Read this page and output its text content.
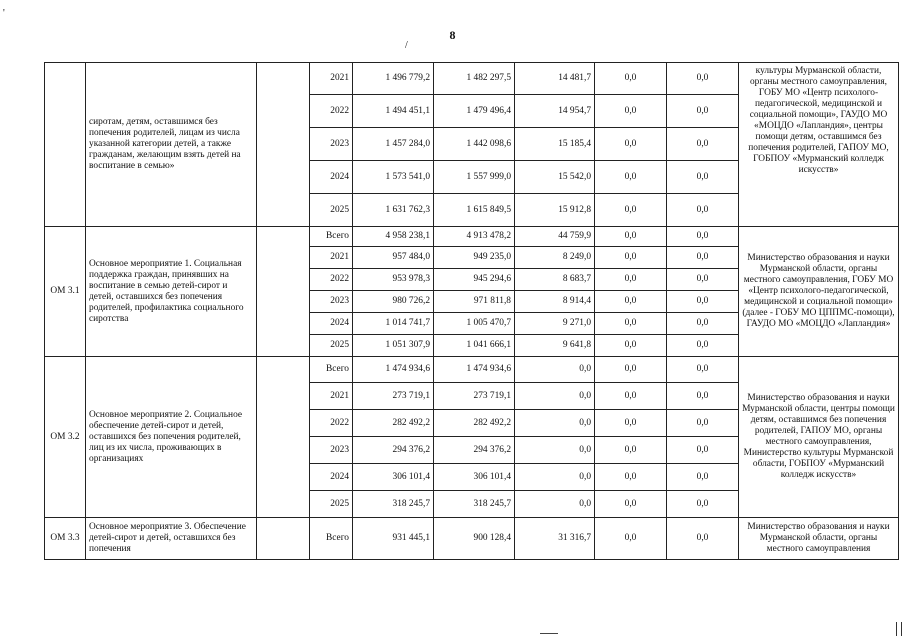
'
8
/
	сиротам, детям, оставшимся без попечения родителей, лицам из числа указанной категории детей, а также гражданам, желающим взять детей на воспитание в семью»		2021	1 496 779,2	1 482 297,5	14 481,7	0,0	0,0	культуры Мурманской области, органы местного самоуправления, ГОБУ МО «Центр психолого-педагогической, медицинской и социальной помощи», ГАУДО МО «МОЦДО «Лапландия», центры помощи детям, оставшимся без попечения родителей, ГАПОУ МО, ГОБПОУ «Мурманский колледж искусств»
			2022	1 494 451,1	1 479 496,4	14 954,7	0,0	0,0	
			2023	1 457 284,0	1 442 098,6	15 185,4	0,0	0,0	
			2024	1 573 541,0	1 557 999,0	15 542,0	0,0	0,0	
			2025	1 631 762,3	1 615 849,5	15 912,8	0,0	0,0	
ОМ 3.1	Основное мероприятие 1. Социальная поддержка граждан, принявших на воспитание в семью детей-сирот и детей, оставшихся без попечения родителей, профилактика социального сиротства		Всего	4 958 238,1	4 913 478,2	44 759,9	0,0	0,0	Министерство образования и науки Мурманской области, органы местного самоуправления, ГОБУ МО «Центр психолого-педагогической, медицинской и социальной помощи» (далее - ГОБУ МО ЦППМС-помощи), ГАУДО МО «МОЦДО «Лапландия»
			2021	957 484,0	949 235,0	8 249,0	0,0	0,0	
			2022	953 978,3	945 294,6	8 683,7	0,0	0,0	
			2023	980 726,2	971 811,8	8 914,4	0,0	0,0	
			2024	1 014 741,7	1 005 470,7	9 271,0	0,0	0,0	
			2025	1 051 307,9	1 041 666,1	9 641,8	0,0	0,0	
ОМ 3.2	Основное мероприятие 2. Социальное обеспечение детей-сирот и детей, оставшихся без попечения родителей, лиц из их числа, проживающих в организациях		Всего	1 474 934,6	1 474 934,6	0,0	0,0	0,0	Министерство образования и науки Мурманской области, центры помощи детям, оставшимся без попечения родителей, ГАПОУ МО, органы местного самоуправления, Министерство культуры Мурманской области, ГОБПОУ «Мурманский колледж искусств»
			2021	273 719,1	273 719,1	0,0	0,0	0,0	
			2022	282 492,2	282 492,2	0,0	0,0	0,0	
			2023	294 376,2	294 376,2	0,0	0,0	0,0	
			2024	306 101,4	306 101,4	0,0	0,0	0,0	
			2025	318 245,7	318 245,7	0,0	0,0	0,0	
ОМ 3.3	Основное мероприятие 3. Обеспечение детей-сирот и детей, оставшихся без попечения		Всего	931 445,1	900 128,4	31 316,7	0,0	0,0	Министерство образования и науки Мурманской области, органы местного самоуправления
